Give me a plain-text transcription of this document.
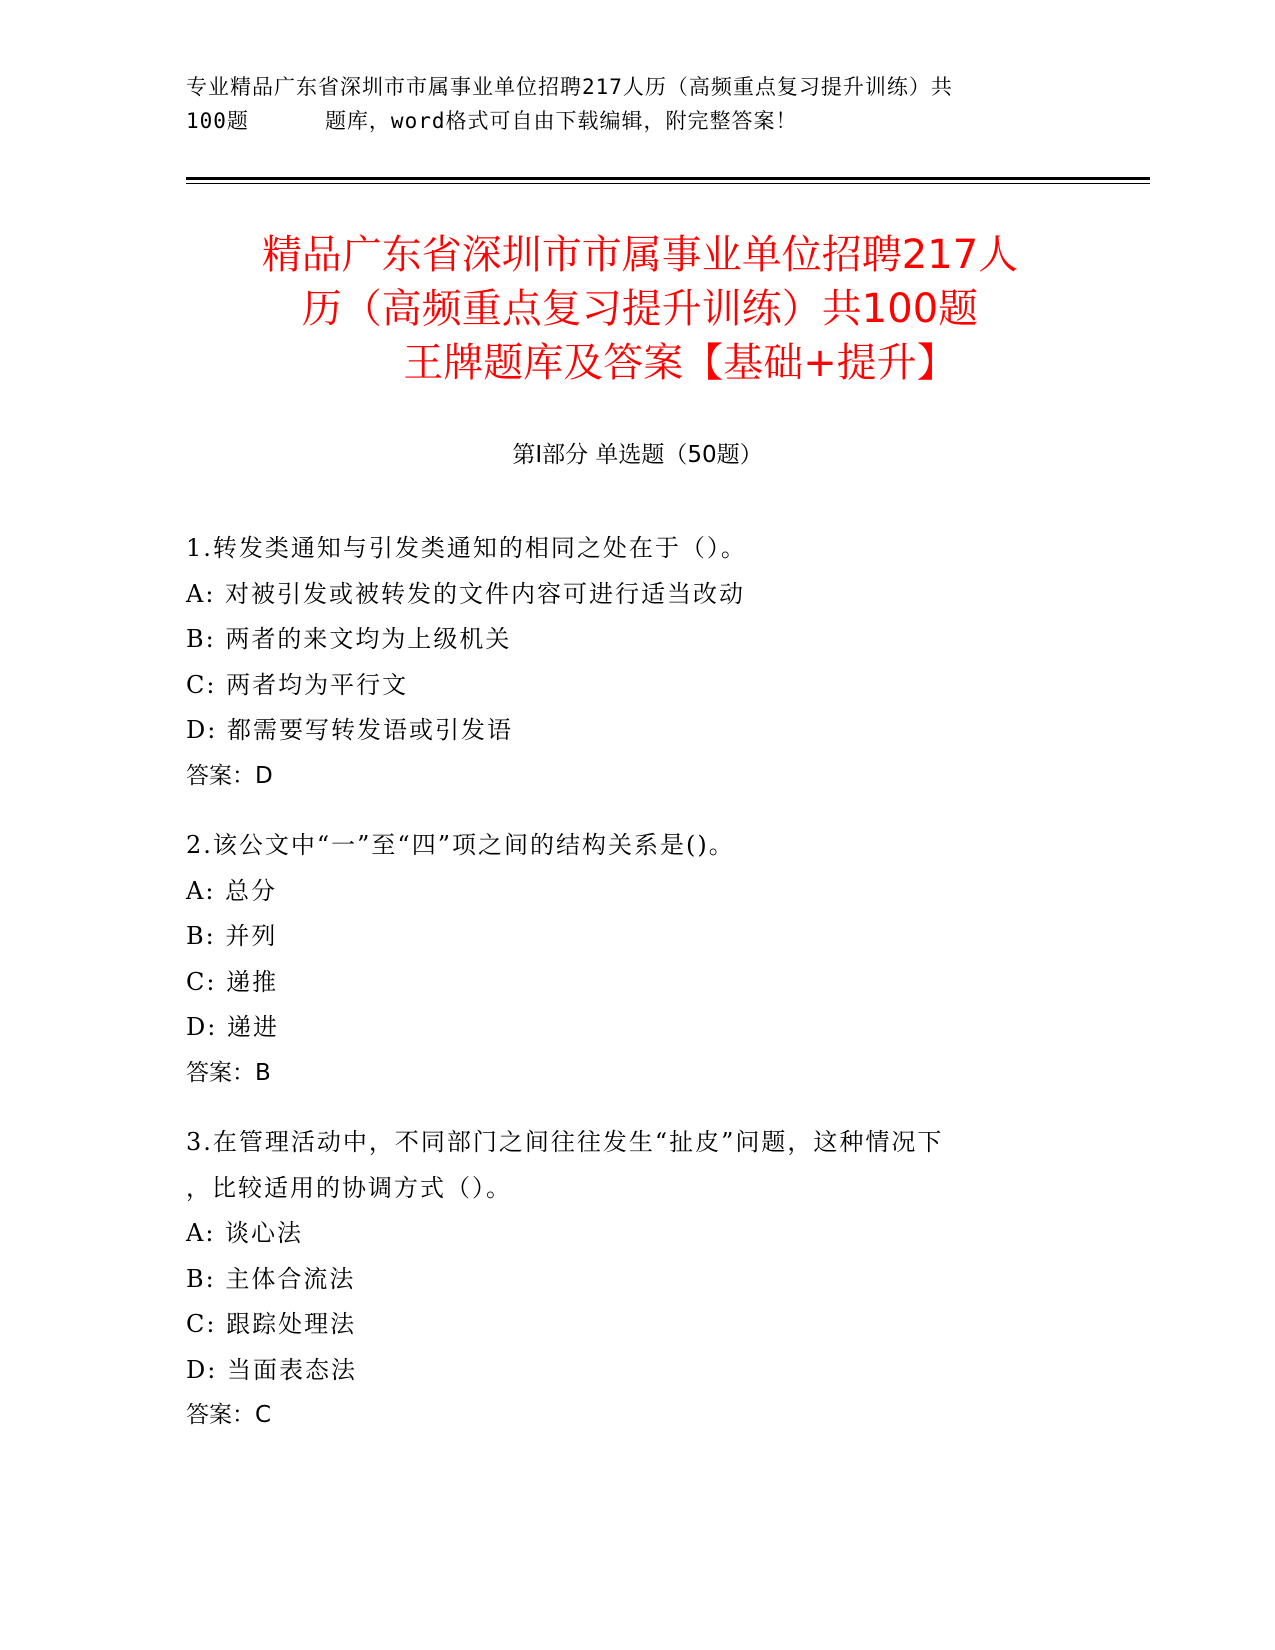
专业精品广东省深圳市市属事业单位招聘217人历（高频重点复习提升训练）共
100题	题库，word格式可自由下载编辑，附完整答案！
精品广东省深圳市市属事业单位招聘217人
历（高频重点复习提升训练）共100题
王牌题库及答案【基础+提升】
第I部分 单选题（50题）
1.转发类通知与引发类通知的相同之处在于（）。
A: 对被引发或被转发的文件内容可进行适当改动
B: 两者的来文均为上级机关
C: 两者均为平行文
D: 都需要写转发语或引发语
答案：D
2.该公文中“一”至“四”项之间的结构关系是()。
A: 总分
B: 并列
C: 递推
D: 递进
答案：B
3.在管理活动中，不同部门之间往往发生“扯皮”问题，这种情况下
，比较适用的协调方式（）。
A: 谈心法
B: 主体合流法
C: 跟踪处理法
D: 当面表态法
答案：C
